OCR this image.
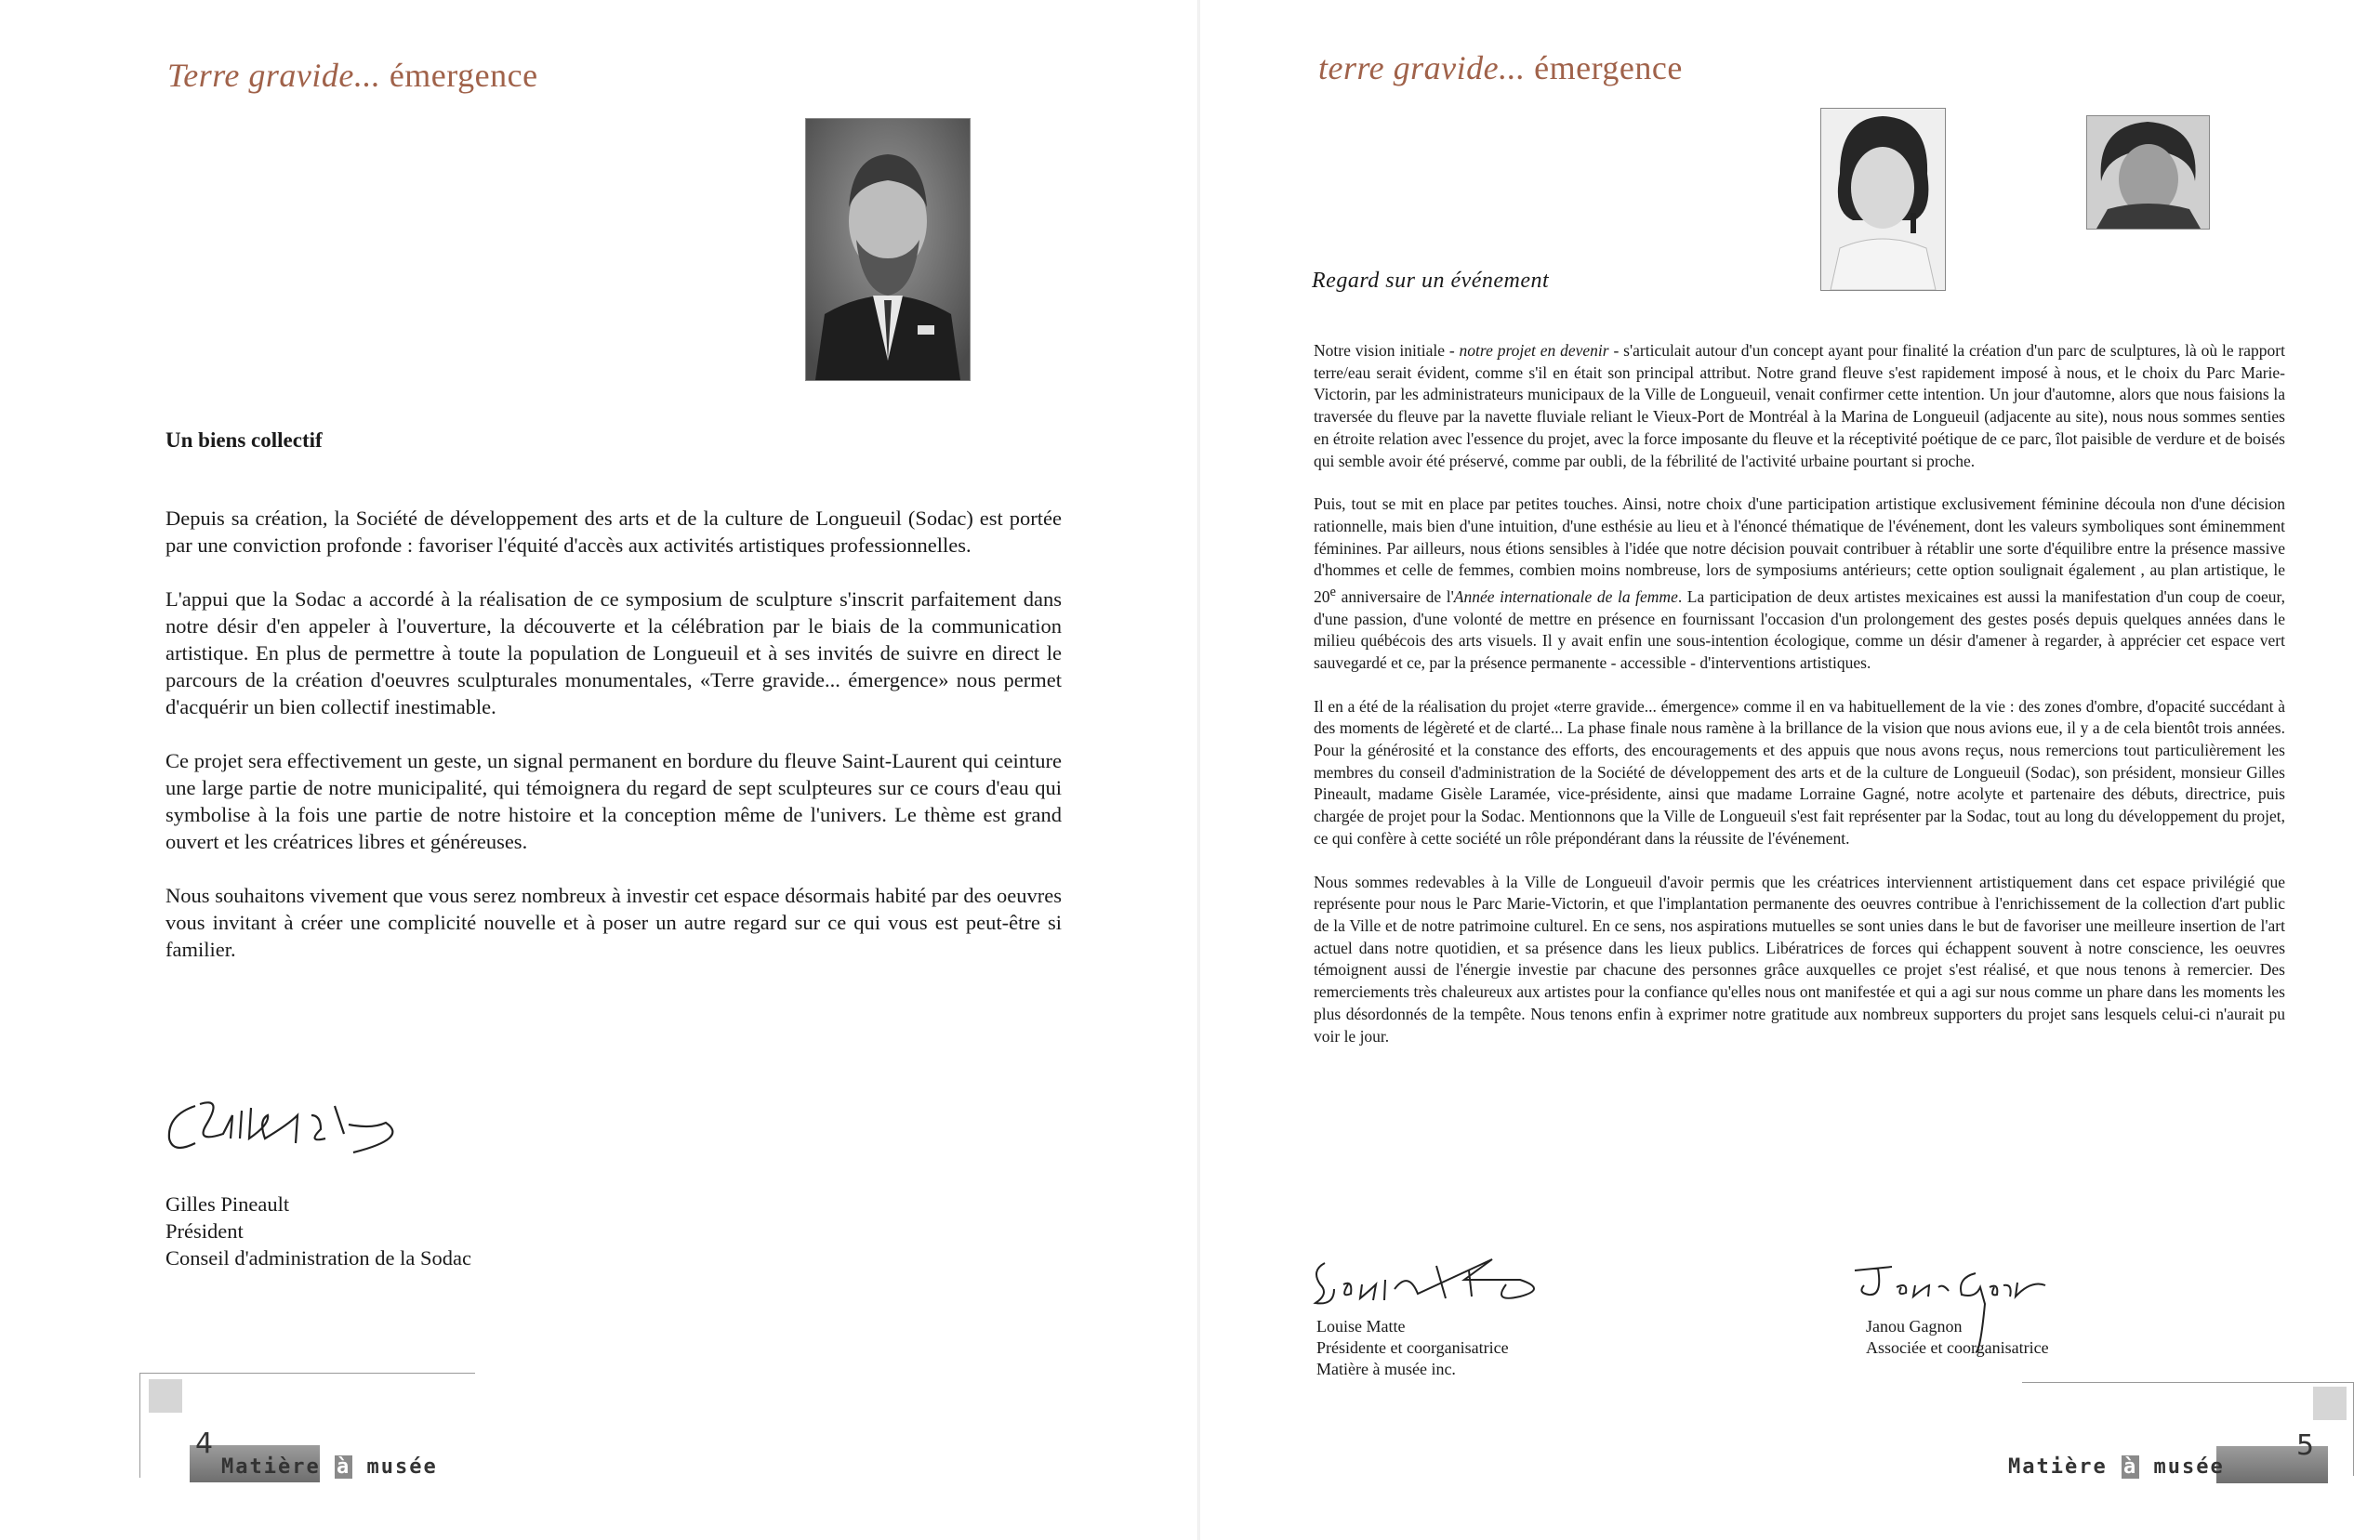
Terre gravide... émergence
Un biens collectif

Depuis sa création, la Société de développement des arts et de la culture de Longueuil (Sodac) est portée par une conviction profonde : favoriser l'équité d'accès aux activités artistiques professionnelles.

L'appui que la Sodac a accordé à la réalisation de ce symposium de sculpture s'inscrit parfaitement dans notre désir d'en appeler à l'ouverture, la découverte et la célébration par le biais de la communication artistique. En plus de permettre à toute la population de Longueuil et à ses invités de suivre en direct le parcours de la création d'oeuvres sculpturales monumentales, «Terre gravide... émergence» nous permet d'acquérir un bien collectif inestimable.

Ce projet sera effectivement un geste, un signal permanent en bordure du fleuve Saint-Laurent qui ceinture une large partie de notre municipalité, qui témoignera du regard de sept sculpteures sur ce cours d'eau qui symbolise à la fois une partie de notre histoire et la conception même de l'univers. Le thème est grand ouvert et les créatrices libres et généreuses.

Nous souhaitons vivement que vous serez nombreux à investir cet espace désormais habité par des oeuvres vous invitant à créer une complicité nouvelle et à poser un autre regard sur ce qui vous est peut-être si familier.

Gilles Pineault
Président
Conseil d'administration de la Sodac
4
Matière à musée
terre gravide... émergence
Regard sur un événement

Notre vision initiale - notre projet en devenir - s'articulait autour d'un concept ayant pour finalité la création d'un parc de sculptures, là où le rapport terre/eau serait évident, comme s'il en était son principal attribut. Notre grand fleuve s'est rapidement imposé à nous, et le choix du Parc Marie-Victorin, par les administrateurs municipaux de la Ville de Longueuil, venait confirmer cette intention. Un jour d'automne, alors que nous faisions la traversée du fleuve par la navette fluviale reliant le Vieux-Port de Montréal à la Marina de Longueuil (adjacente au site), nous nous sommes senties en étroite relation avec l'essence du projet, avec la force imposante du fleuve et la réceptivité poétique de ce parc, îlot paisible de verdure et de boisés qui semble avoir été préservé, comme par oubli, de la fébrilité de l'activité urbaine pourtant si proche.

Puis, tout se mit en place par petites touches. Ainsi, notre choix d'une participation artistique exclusivement féminine découla non d'une décision rationnelle, mais bien d'une intuition, d'une esthésie au lieu et à l'énoncé thématique de l'événement, dont les valeurs symboliques sont éminemment féminines. Par ailleurs, nous étions sensibles à l'idée que notre décision pouvait contribuer à rétablir une sorte d'équilibre entre la présence massive d'hommes et celle de femmes, combien moins nombreuse, lors de symposiums antérieurs; cette option soulignait également , au plan artistique, le 20e anniversaire de l'Année internationale de la femme. La participation de deux artistes mexicaines est aussi la manifestation d'un coup de coeur, d'une passion, d'une volonté de mettre en présence en fournissant l'occasion d'un prolongement des gestes posés depuis quelques années dans le milieu québécois des arts visuels. Il y avait enfin une sous-intention écologique, comme un désir d'amener à regarder, à apprécier cet espace vert sauvegardé et ce, par la présence permanente - accessible - d'interventions artistiques.

Il en a été de la réalisation du projet «terre gravide... émergence» comme il en va habituellement de la vie : des zones d'ombre, d'opacité succédant à des moments de légèreté et de clarté... La phase finale nous ramène à la brillance de la vision que nous avions eue, il y a de cela bientôt trois années. Pour la générosité et la constance des efforts, des encouragements et des appuis que nous avons reçus, nous remercions tout particulièrement les membres du conseil d'administration de la Société de développement des arts et de la culture de Longueuil (Sodac), son président, monsieur Gilles Pineault, madame Gisèle Laramée, vice-présidente, ainsi que madame Lorraine Gagné, notre acolyte et partenaire des débuts, directrice, puis chargée de projet pour la Sodac. Mentionnons que la Ville de Longueuil s'est fait représenter par la Sodac, tout au long du développement du projet, ce qui confère à cette société un rôle prépondérant dans la réussite de l'événement.

Nous sommes redevables à la Ville de Longueuil d'avoir permis que les créatrices interviennent artistiquement dans cet espace privilégié que représente pour nous le Parc Marie-Victorin, et que l'implantation permanente des oeuvres contribue à l'enrichissement de la collection d'art public de la Ville et de notre patrimoine culturel. En ce sens, nos aspirations mutuelles se sont unies dans le but de favoriser une meilleure insertion de l'art actuel dans notre quotidien, et sa présence dans les lieux publics. Libératrices de forces qui échappent souvent à notre conscience, les oeuvres témoignent aussi de l'énergie investie par chacune des personnes grâce auxquelles ce projet s'est réalisé, et que nous tenons à remercier. Des remerciements très chaleureux aux artistes pour la confiance qu'elles nous ont manifestée et qui a agi sur nous comme un phare dans les moments les plus désordonnés de la tempête. Nous tenons enfin à exprimer notre gratitude aux nombreux supporters du projet sans lesquels celui-ci n'aurait pu voir le jour.

Louise Matte
Présidente et coorganisatrice
Matière à musée inc.
Janou Gagnon
Associée et coorganisatrice
5
Matière à musée
